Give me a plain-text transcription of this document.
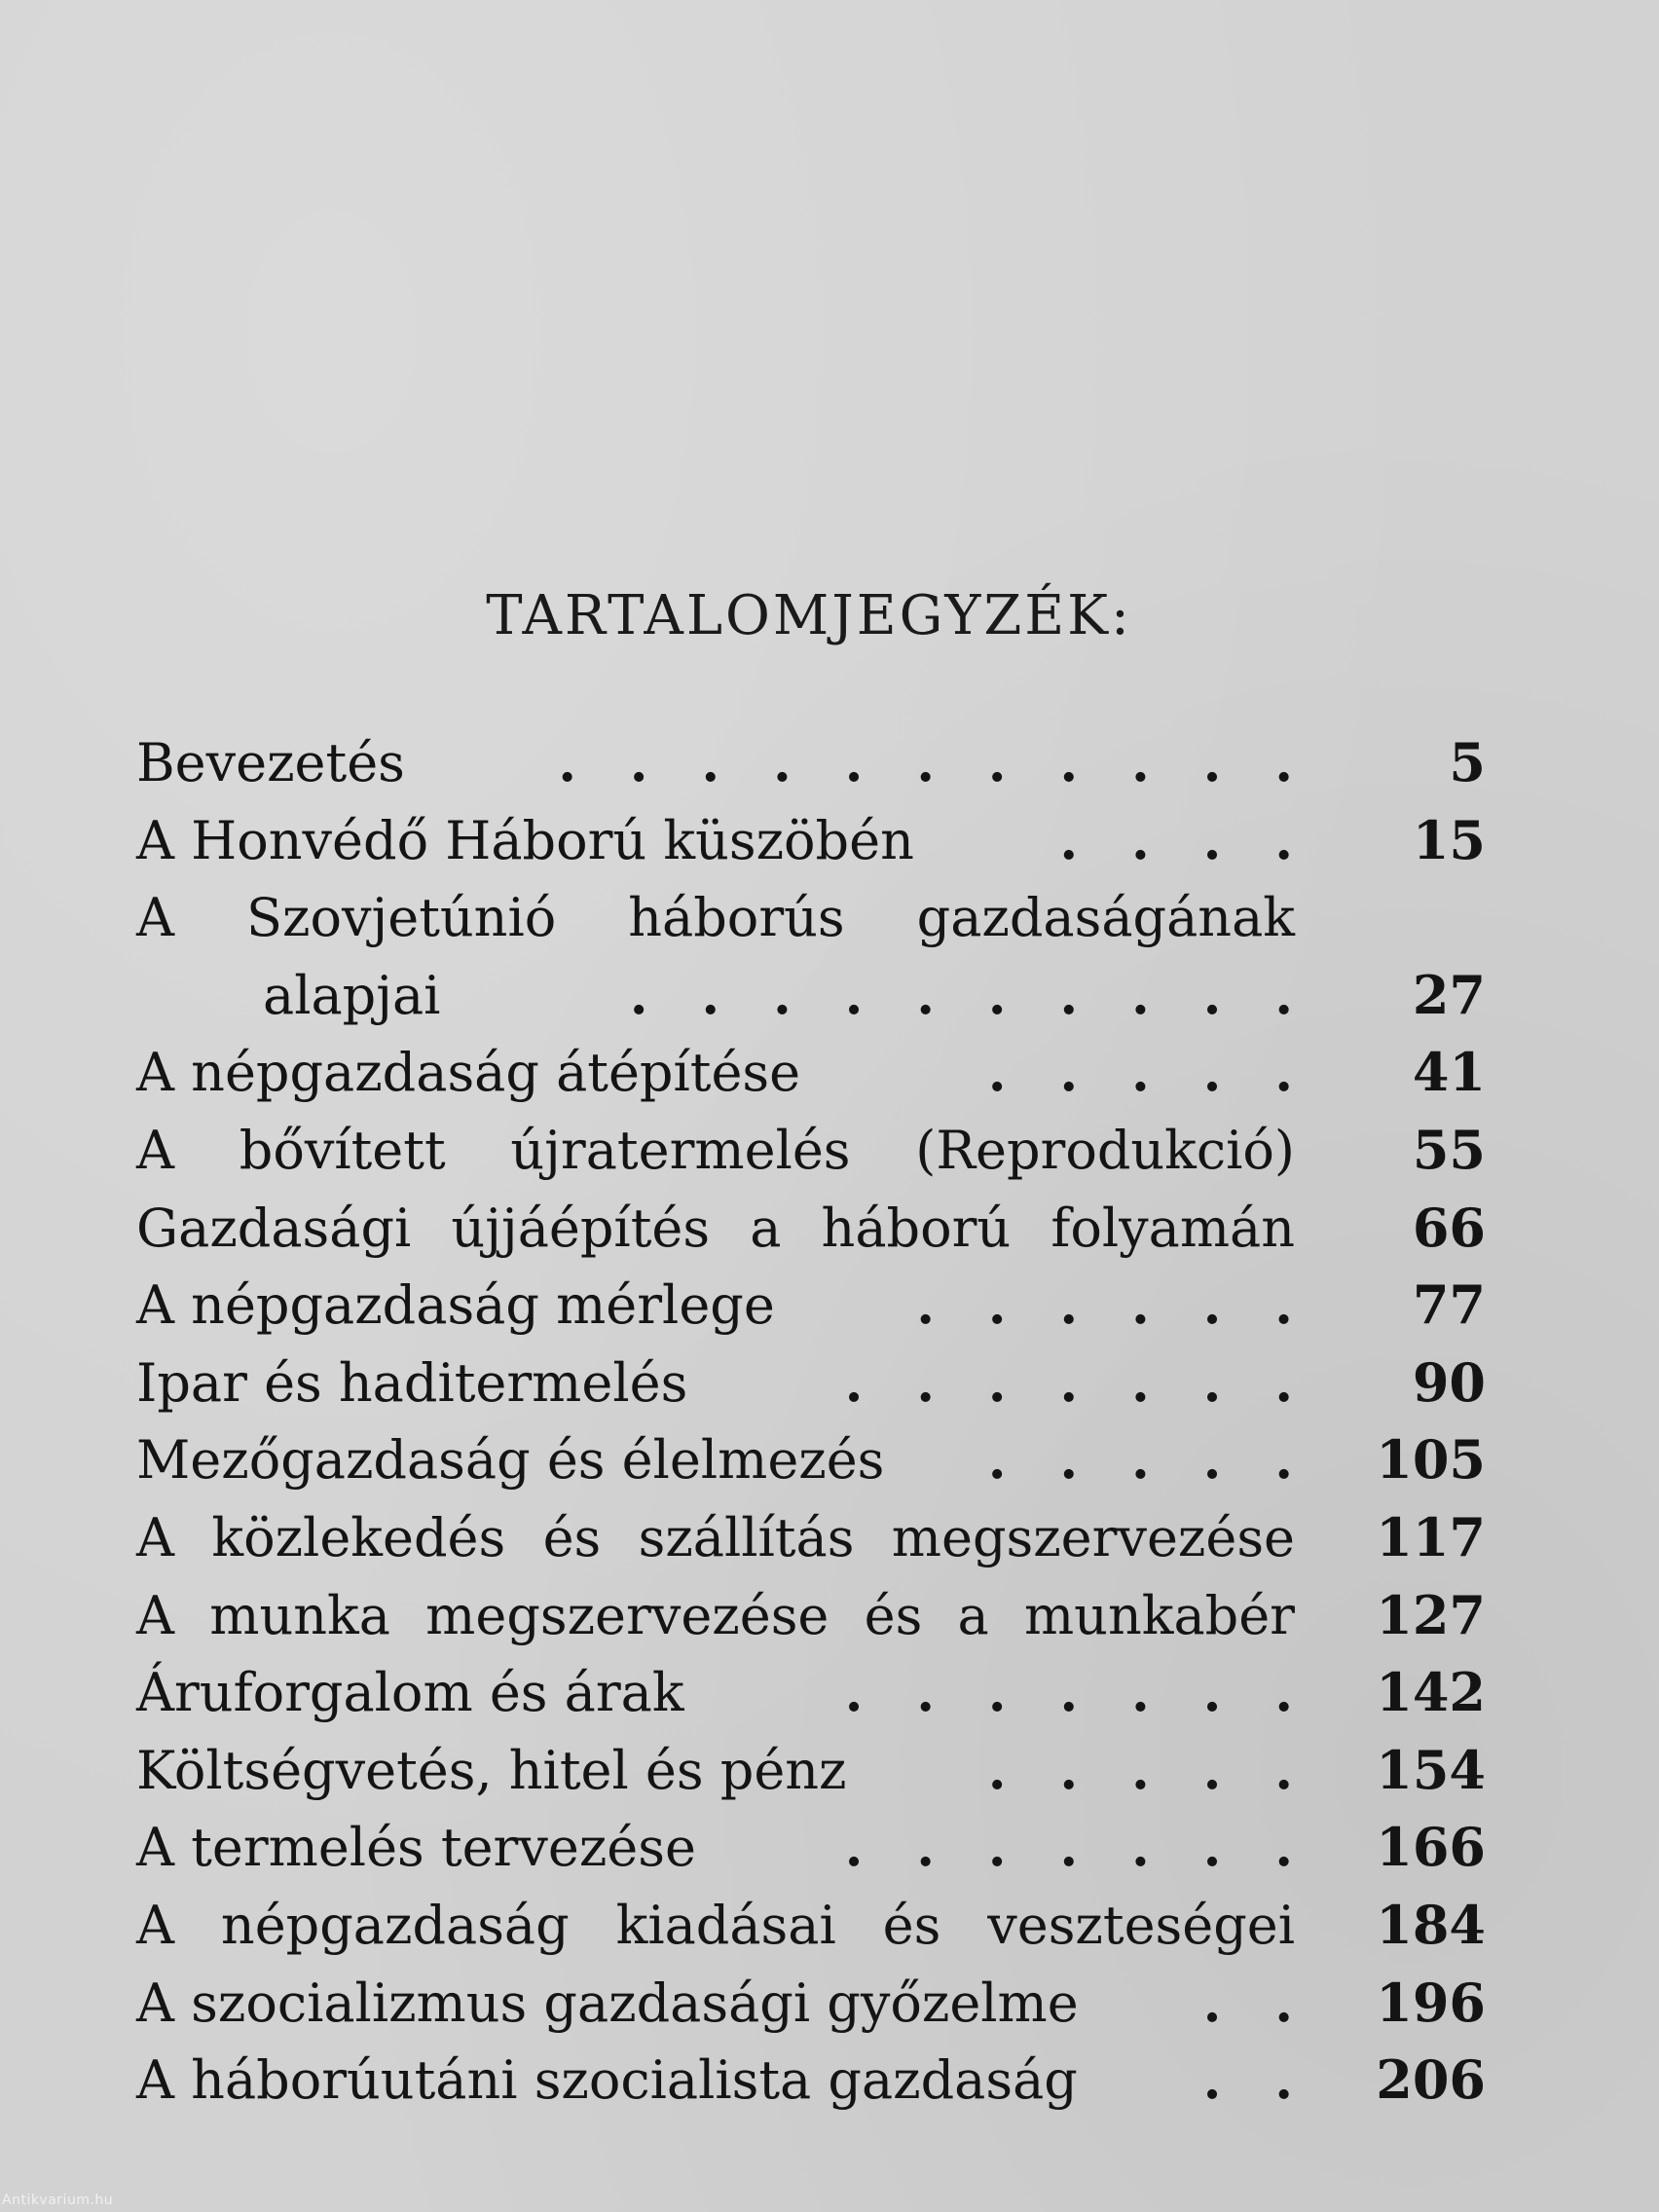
TARTALOMJEGYZÉK:
Bevezetés	. . . . . . . . . . .	5
A Honvédő Háború küszöbén	. . . . 15
A Szovjetúnió háborús gazdaságának
alapjai	. . . . . . . . . . 27
A népgazdaság átépítése	. . . . . 41
A bővített újratermelés (Reprodukció) 55
Gazdasági újjáépítés a háború folyamán 66
A népgazdaság mérlege	. . . . . . 77
Ipar és haditermelés	. . . . . . . 90
Mezőgazdaság és élelmezés . . . . . 105
A közlekedés és szállítás megszervezése 117
A munka megszervezése és a munkabér 127
Áruforgalom és árak	. . . . . . . 142
Költségvetés, hitel és pénz	. . . . . 154
A termelés tervezése	. . . . . . . 166
A népgazdaság kiadásai és veszteségei 184
A szocializmus gazdasági győzelme . . 196
A háborúutáni szocialista gazdaság . . 206
Antikvarium.hu
